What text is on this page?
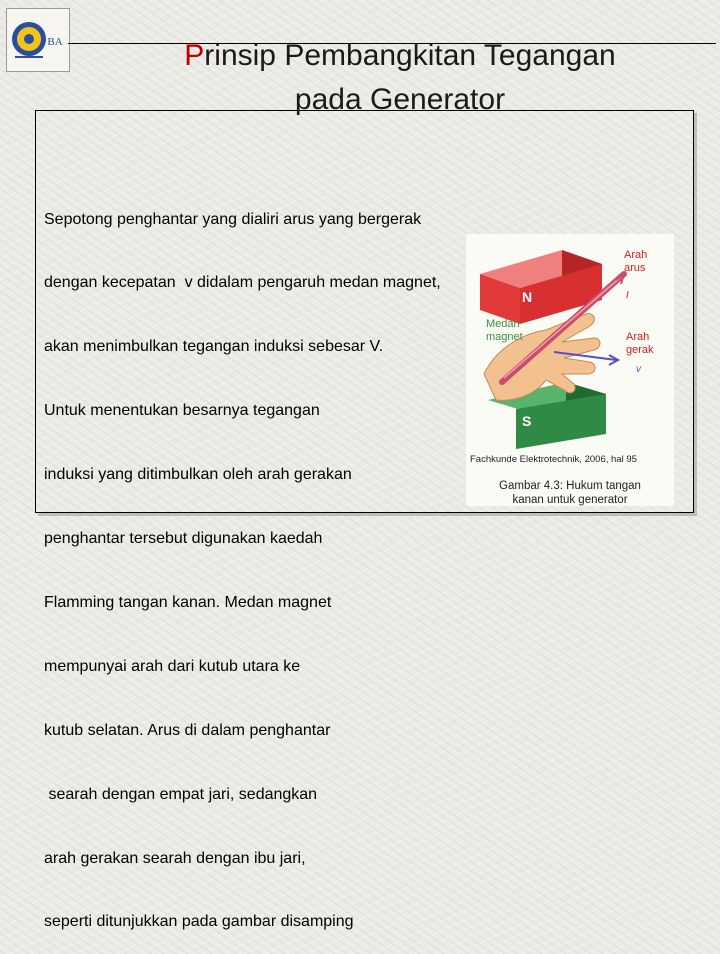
BA	Prinsip Pembangkitan Tegangan
pada Generator

Sepotong penghantar yang dialiri arus yang bergerak

dengan kecepatan  v didalam pengaruh medan magnet,

akan menimbulkan tegangan induksi sebesar V.

Untuk menentukan besarnya tegangan

induksi yang ditimbulkan oleh arah gerakan

penghantar tersebut digunakan kaedah

Flamming tangan kanan. Medan magnet

mempunyai arah dari kutub utara ke

kutub selatan. Arus di dalam penghantar

searah dengan empat jari, sedangkan

arah gerakan searah dengan ibu jari,

seperti ditunjukkan pada gambar disamping

N
S
Arah
arus
I
Medan
magnet	Arah
gerak
v
Fachkunde Elektrotechnik, 2006, hal 95
Gambar 4.3: Hukum tangan
kanan untuk generator
